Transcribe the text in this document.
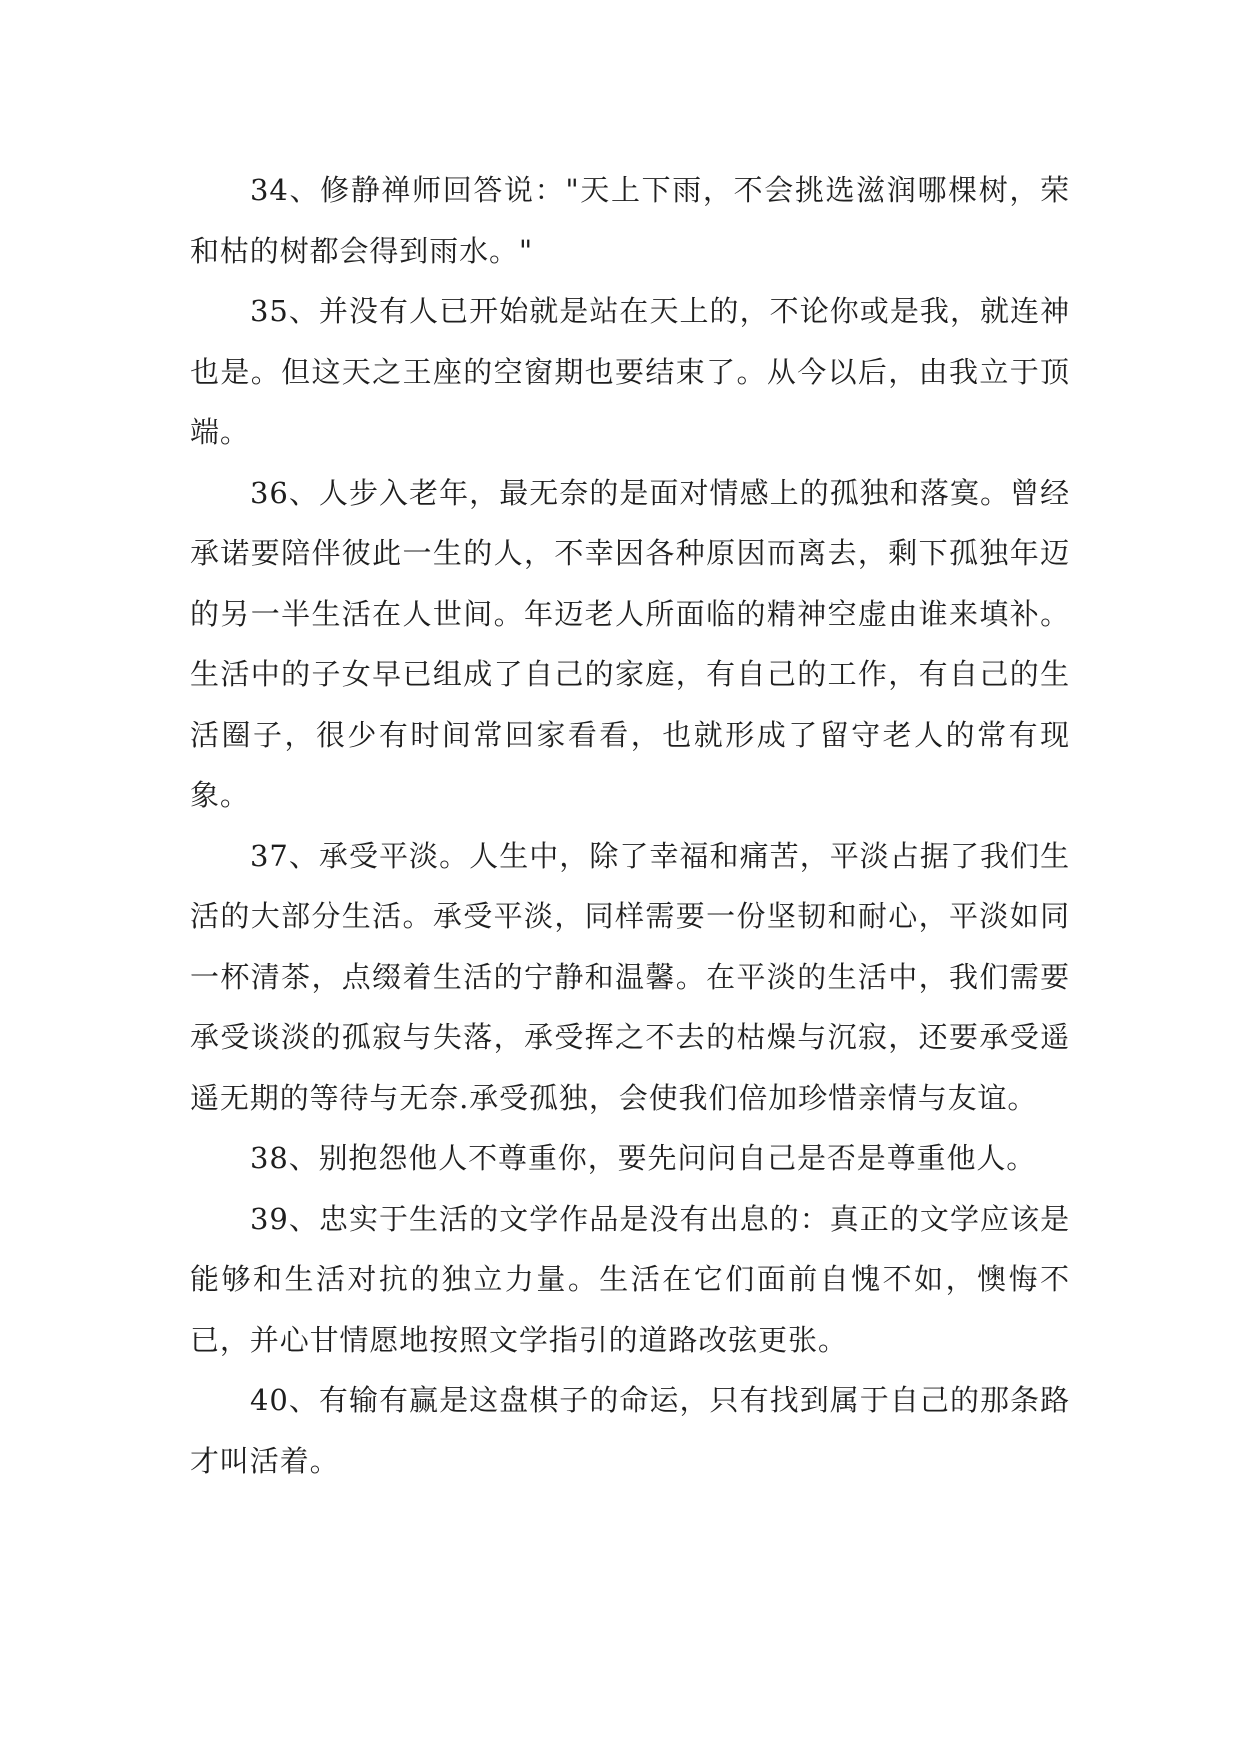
34、修静禅师回答说："天上下雨，不会挑选滋润哪棵树，荣和枯的树都会得到雨水。"

35、并没有人已开始就是站在天上的，不论你或是我，就连神也是。但这天之王座的空窗期也要结束了。从今以后，由我立于顶端。

36、人步入老年，最无奈的是面对情感上的孤独和落寞。曾经承诺要陪伴彼此一生的人，不幸因各种原因而离去，剩下孤独年迈的另一半生活在人世间。年迈老人所面临的精神空虚由谁来填补。生活中的子女早已组成了自己的家庭，有自己的工作，有自己的生活圈子，很少有时间常回家看看，也就形成了留守老人的常有现象。

37、承受平淡。人生中，除了幸福和痛苦，平淡占据了我们生活的大部分生活。承受平淡，同样需要一份坚韧和耐心，平淡如同一杯清茶，点缀着生活的宁静和温馨。在平淡的生活中，我们需要承受谈淡的孤寂与失落，承受挥之不去的枯燥与沉寂，还要承受遥遥无期的等待与无奈.承受孤独，会使我们倍加珍惜亲情与友谊。

38、别抱怨他人不尊重你，要先问问自己是否是尊重他人。

39、忠实于生活的文学作品是没有出息的：真正的文学应该是能够和生活对抗的独立力量。生活在它们面前自愧不如，懊悔不已，并心甘情愿地按照文学指引的道路改弦更张。

40、有输有赢是这盘棋子的命运，只有找到属于自己的那条路才叫活着。
